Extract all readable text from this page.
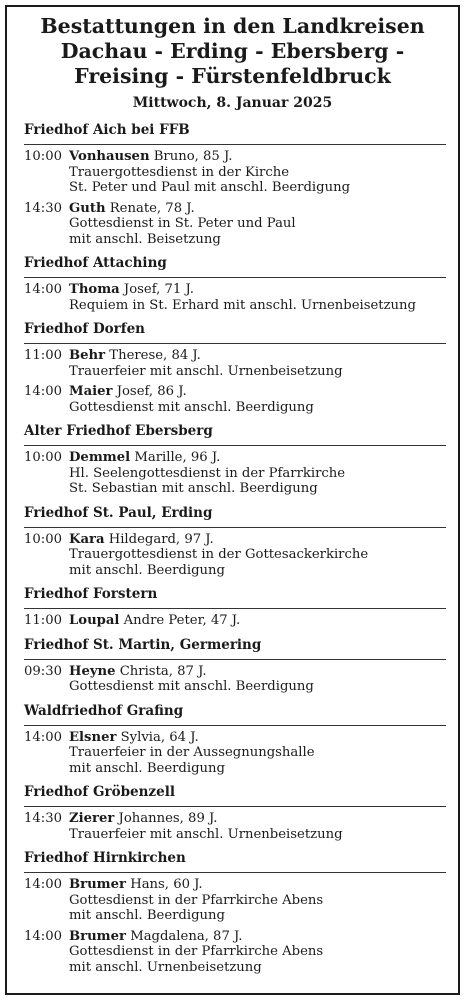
Bestattungen in den Landkreisen
Dachau - Erding - Ebersberg -
Freising - Fürstenfeldbruck
Mittwoch, 8. Januar 2025
Friedhof Aich bei FFB
10:00 Vonhausen Bruno, 85 J.
Trauergottesdienst in der Kirche
St. Peter und Paul mit anschl. Beerdigung
14:30 Guth Renate, 78 J.
Gottesdienst in St. Peter und Paul
mit anschl. Beisetzung
Friedhof Attaching
14:00 Thoma Josef, 71 J.
Requiem in St. Erhard mit anschl. Urnenbeisetzung
Friedhof Dorfen
11:00 Behr Therese, 84 J.
Trauerfeier mit anschl. Urnenbeisetzung
14:00 Maier Josef, 86 J.
Gottesdienst mit anschl. Beerdigung
Alter Friedhof Ebersberg
10:00 Demmel Marille, 96 J.
Hl. Seelengottesdienst in der Pfarrkirche
St. Sebastian mit anschl. Beerdigung
Friedhof St. Paul, Erding
10:00 Kara Hildegard, 97 J.
Trauergottesdienst in der Gottesackerkirche
mit anschl. Beerdigung
Friedhof Forstern
11:00 Loupal Andre Peter, 47 J.
Friedhof St. Martin, Germering
09:30 Heyne Christa, 87 J.
Gottesdienst mit anschl. Beerdigung
Waldfriedhof Grafing
14:00 Elsner Sylvia, 64 J.
Trauerfeier in der Aussegnungshalle
mit anschl. Beerdigung
Friedhof Gröbenzell
14:30 Zierer Johannes, 89 J.
Trauerfeier mit anschl. Urnenbeisetzung
Friedhof Hirnkirchen
14:00 Brumer Hans, 60 J.
Gottesdienst in der Pfarrkirche Abens
mit anschl. Beerdigung
14:00 Brumer Magdalena, 87 J.
Gottesdienst in der Pfarrkirche Abens
mit anschl. Urnenbeisetzung
